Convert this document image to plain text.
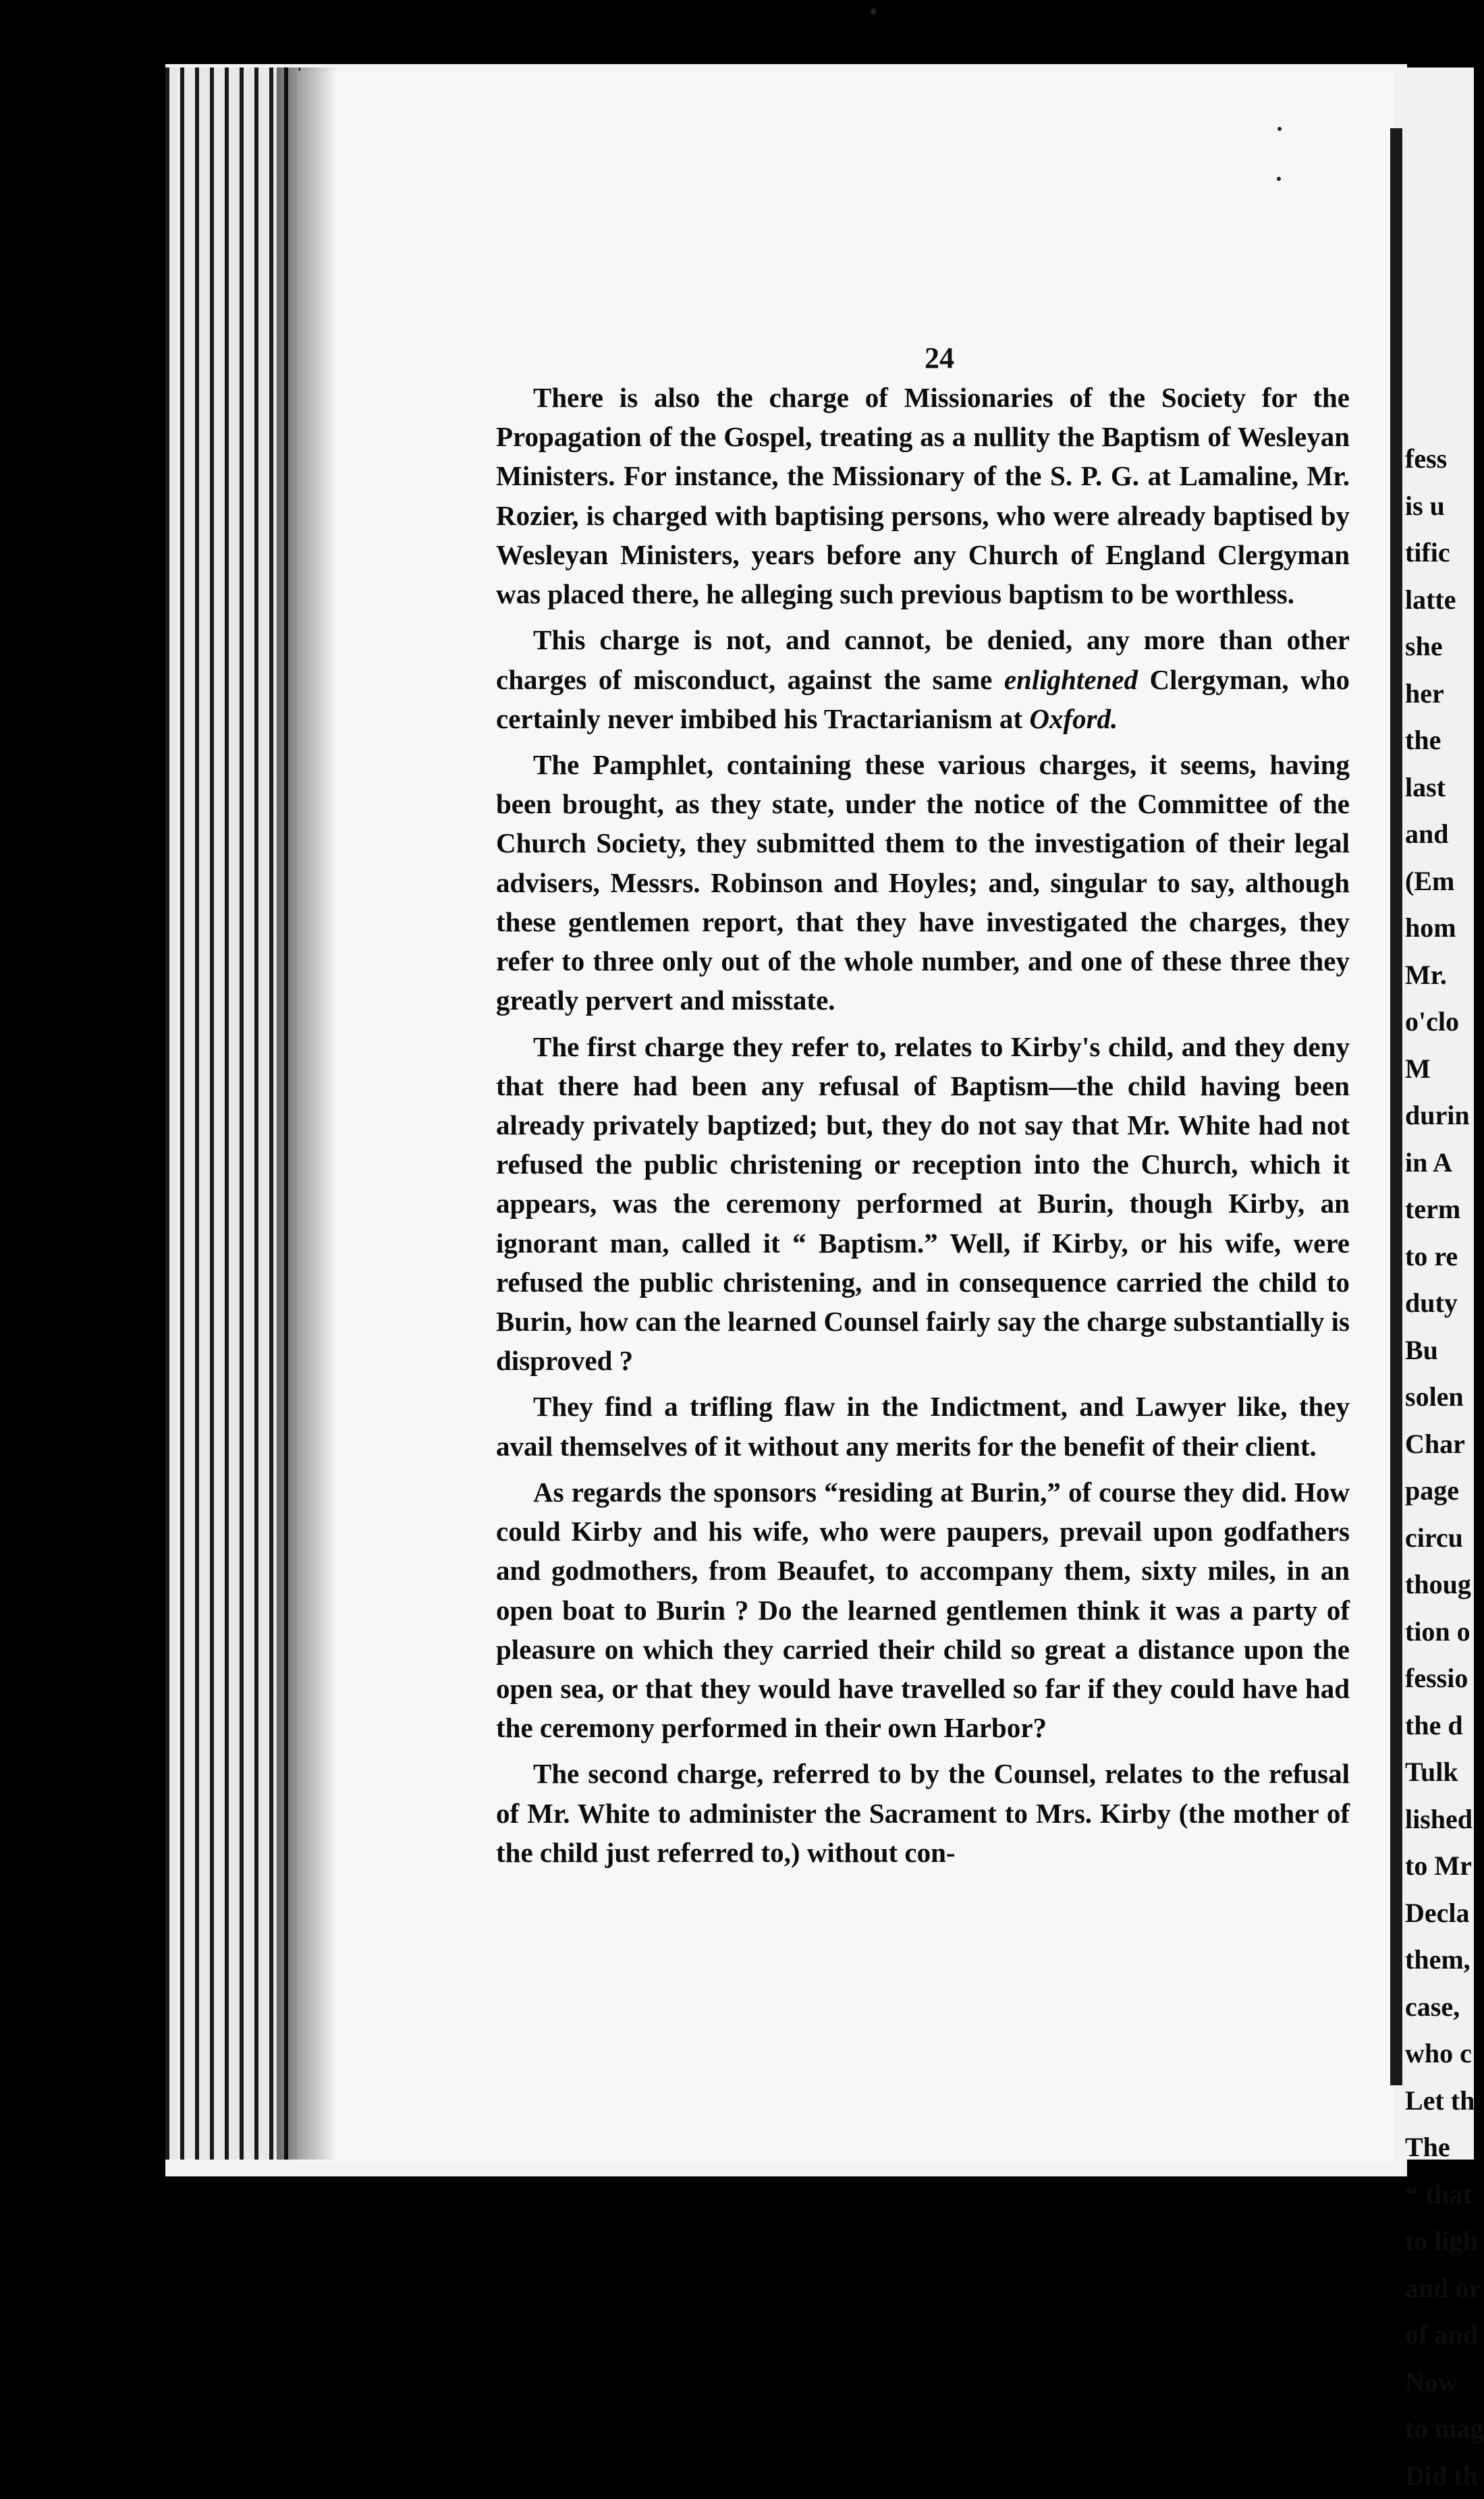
24

There is also the charge of Missionaries of the Society for the Propagation of the Gospel, treating as a nullity the Baptism of Wesleyan Ministers. For instance, the Missionary of the S. P. G. at Lamaline, Mr. Rozier, is charged with baptising persons, who were already baptised by Wesleyan Ministers, years before any Church of England Clergyman was placed there, he alleging such previous baptism to be worthless.

This charge is not, and cannot, be denied, any more than other charges of misconduct, against the same enlightened Clergyman, who certainly never imbibed his Tractarianism at Oxford.

The Pamphlet, containing these various charges, it seems, having been brought, as they state, under the notice of the Committee of the Church Society, they submitted them to the investigation of their legal advisers, Messrs. Robinson and Hoyles; and, singular to say, although these gentlemen report, that they have investigated the charges, they refer to three only out of the whole number, and one of these three they greatly pervert and misstate.

The first charge they refer to, relates to Kirby's child, and they deny that there had been any refusal of Baptism—the child having been already privately baptized; but, they do not say that Mr. White had not refused the public christening or reception into the Church, which it appears, was the ceremony performed at Burin, though Kirby, an ignorant man, called it “ Baptism.” Well, if Kirby, or his wife, were refused the public christening, and in consequence carried the child to Burin, how can the learned Counsel fairly say the charge substantially is disproved ?

They find a trifling flaw in the Indictment, and Lawyer like, they avail themselves of it without any merits for the benefit of their client.

As regards the sponsors “residing at Burin,” of course they did. How could Kirby and his wife, who were paupers, prevail upon godfathers and godmothers, from Beaufet, to accompany them, sixty miles, in an open boat to Burin ? Do the learned gentlemen think it was a party of pleasure on which they carried their child so great a distance upon the open sea, or that they would have travelled so far if they could have had the ceremony performed in their own Harbor?

The second charge, referred to by the Counsel, relates to the refusal of Mr. White to administer the Sacrament to Mrs. Kirby (the mother of the child just referred to,) without con-

fess
is u
tific
latte
she
her
the
last
and
(Em
hom
Mr.
o'clo
M
durin
in A
term
to re
duty
Bu
solen
Char
page
circu
thoug
tion o
fessio
the d
Tulk
lished
to Mr
Decla
them,
case,
who c
Let th
The
“ that
to ligh
and or
of and
Now
to mag
Did th
